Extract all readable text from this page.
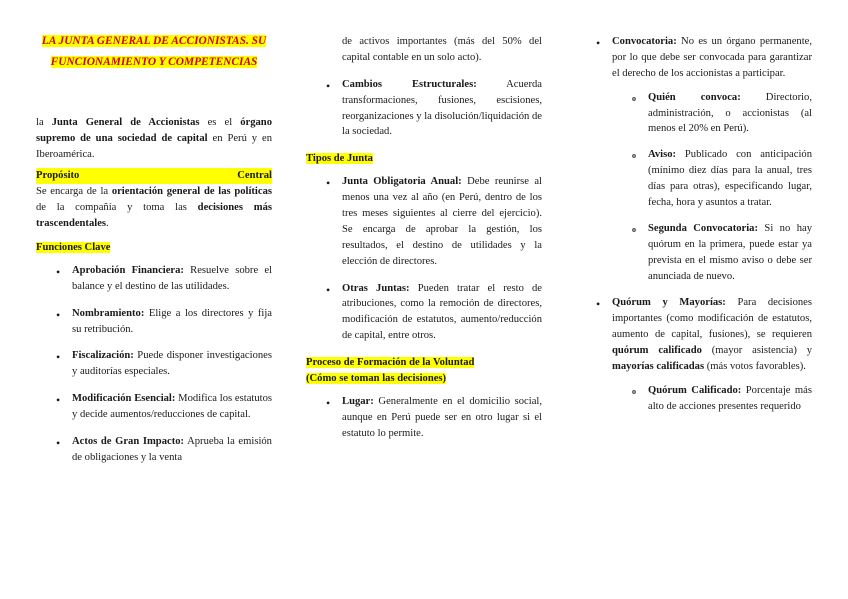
LA JUNTA GENERAL DE ACCIONISTAS. SU
FUNCIONAMIENTO Y COMPETENCIAS

la Junta General de Accionistas es el órgano supremo de una sociedad de capital en Perú y en Iberoamérica.

Propósito	Central

Se encarga de la orientación general de las políticas de la compañía y toma las decisiones más trascendentales.

Funciones Clave

• Aprobación Financiera: Resuelve sobre el balance y el destino de las utilidades.
• Nombramiento: Elige a los directores y fija su retribución.
• Fiscalización: Puede disponer investigaciones y auditorías especiales.
• Modificación Esencial: Modifica los estatutos y decide aumentos/reducciones de capital.
• Actos de Gran Impacto: Aprueba la emisión de obligaciones y la venta
de activos importantes (más del 50% del capital contable en un solo acto).
• Cambios Estructurales: Acuerda transformaciones, fusiones, escisiones, reorganizaciones y la disolución/liquidación de la sociedad.

Tipos de Junta

• Junta Obligatoria Anual: Debe reunirse al menos una vez al año (en Perú, dentro de los tres meses siguientes al cierre del ejercicio). Se encarga de aprobar la gestión, los resultados, el destino de utilidades y la elección de directores.
• Otras Juntas: Pueden tratar el resto de atribuciones, como la remoción de directores, modificación de estatutos, aumento/reducción de capital, entre otros.

Proceso de Formación de la Voluntad
(Cómo se toman las decisiones)

• Lugar: Generalmente en el domicilio social, aunque en Perú puede ser en otro lugar si el estatuto lo permite.
• Convocatoria: No es un órgano permanente, por lo que debe ser convocada para garantizar el derecho de los accionistas a participar.
o Quién convoca: Directorio, administración, o accionistas (al menos el 20% en Perú).
o Aviso: Publicado con anticipación (mínimo diez días para la anual, tres días para otras), especificando lugar, fecha, hora y asuntos a tratar.
o Segunda Convocatoria: Si no hay quórum en la primera, puede estar ya prevista en el mismo aviso o debe ser anunciada de nuevo.
• Quórum y Mayorías: Para decisiones importantes (como modificación de estatutos, aumento de capital, fusiones), se requieren quórum calificado (mayor asistencia) y mayorías calificadas (más votos favorables).
o Quórum Calificado: Porcentaje más alto de acciones presentes requerido
